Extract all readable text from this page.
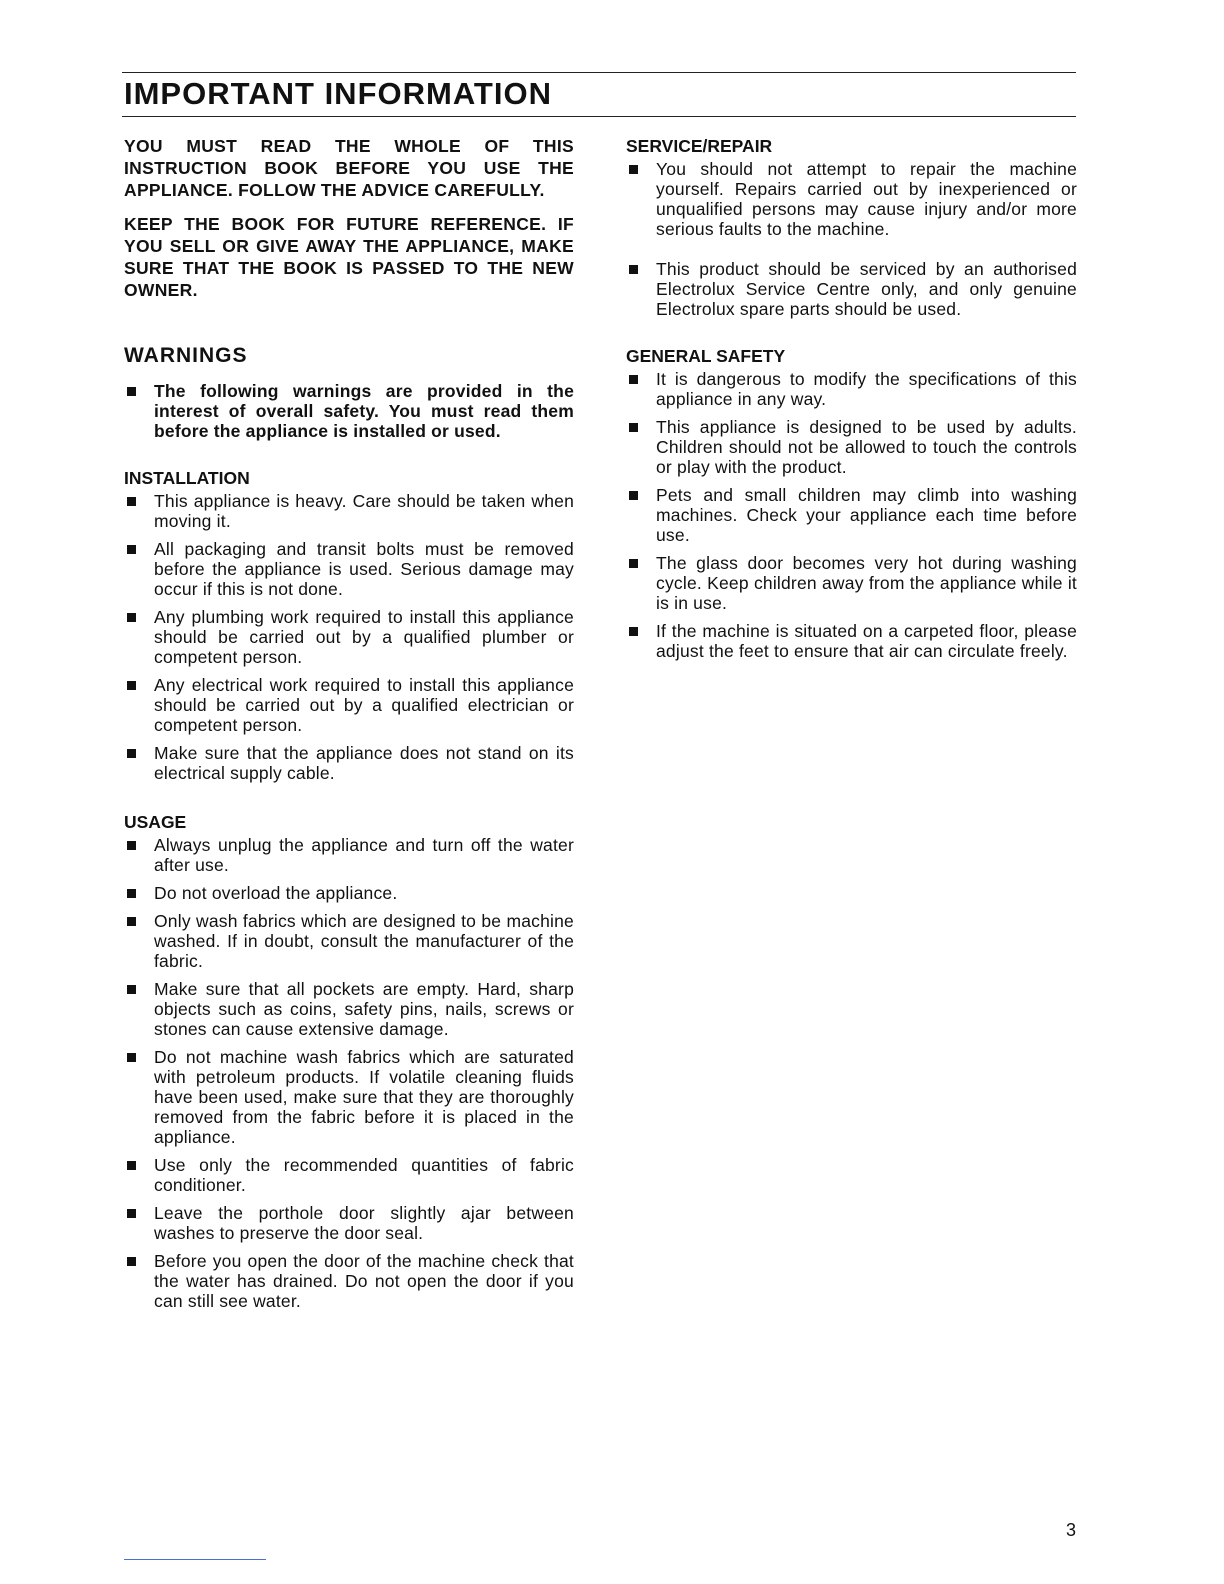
IMPORTANT INFORMATION

YOU MUST READ THE WHOLE OF THIS INSTRUCTION BOOK BEFORE YOU USE THE APPLIANCE. FOLLOW THE ADVICE CAREFULLY.

KEEP THE BOOK FOR FUTURE REFERENCE. IF YOU SELL OR GIVE AWAY THE APPLIANCE, MAKE SURE THAT THE BOOK IS PASSED TO THE NEW OWNER.

WARNINGS
The following warnings are provided in the interest of overall safety. You must read them before the appliance is installed or used.
INSTALLATION
This appliance is heavy. Care should be taken when moving it.
All packaging and transit bolts must be removed before the appliance is used. Serious damage may occur if this is not done.
Any plumbing work required to install this appliance should be carried out by a qualified plumber or competent person.
Any electrical work required to install this appliance should be carried out by a qualified electrician or competent person.
Make sure that the appliance does not stand on its electrical supply cable.
USAGE
Always unplug the appliance and turn off the water after use.
Do not overload the appliance.
Only wash fabrics which are designed to be machine washed. If in doubt, consult the manufacturer of the fabric.
Make sure that all pockets are empty. Hard, sharp objects such as coins, safety pins, nails, screws or stones can cause extensive damage.
Do not machine wash fabrics which are saturated with petroleum products. If volatile cleaning fluids have been used, make sure that they are thoroughly removed from the fabric before it is placed in the appliance.
Use only the recommended quantities of fabric conditioner.
Leave the porthole door slightly ajar between washes to preserve the door seal.
Before you open the door of the machine check that the water has drained. Do not open the door if you can still see water.
SERVICE/REPAIR
You should not attempt to repair the machine yourself. Repairs carried out by inexperienced or unqualified persons may cause injury and/or more serious faults to the machine.
This product should be serviced by an authorised Electrolux Service Centre only, and only genuine Electrolux spare parts should be used.
GENERAL SAFETY
It is dangerous to modify the specifications of this appliance in any way.
This appliance is designed to be used by adults. Children should not be allowed to touch the controls or play with the product.
Pets and small children may climb into washing machines. Check your appliance each time before use.
The glass door becomes very hot during washing cycle. Keep children away from the appliance while it is in use.
If the machine is situated on a carpeted floor, please adjust the feet to ensure that air can circulate freely.
3
